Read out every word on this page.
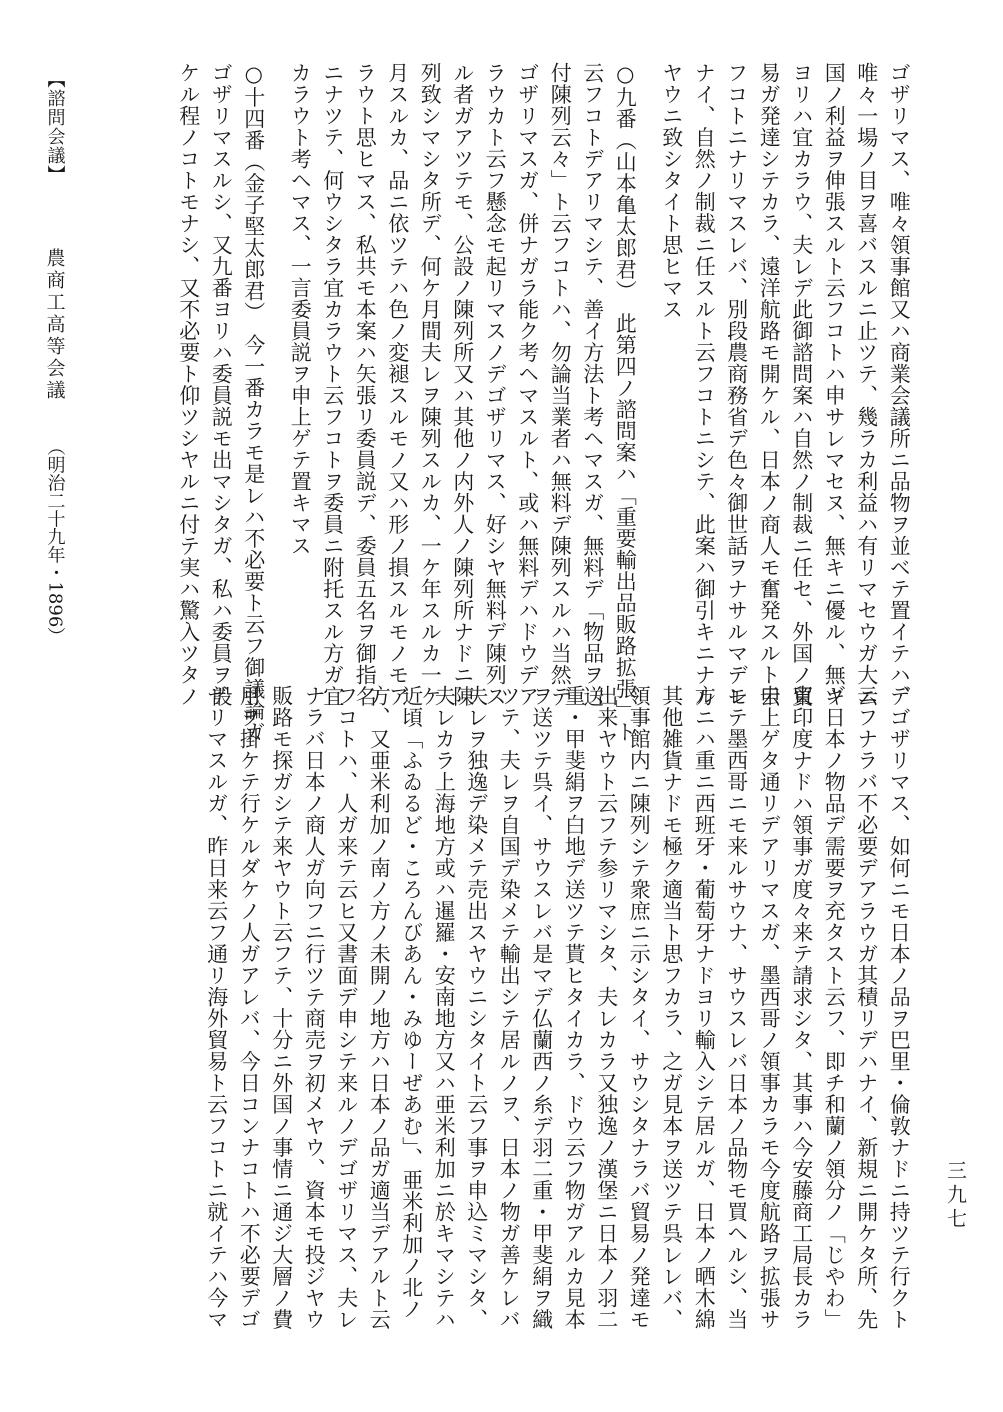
ゴザリマス、唯々領事館又ハ商業会議所ニ品物ヲ並ベテ置イテハ、
唯々一場ノ目ヲ喜バスルニ止ツテ、幾ラカ利益ハ有リマセウガ大ニ
国ノ利益ヲ伸張スルト云フコトハ申サレマセヌ、無キニ優ル、無キ
ヨリハ宜カラウ、夫レデ此御諮問案ハ自然ノ制裁ニ任セ、外国ノ貿
易ガ発達シテカラ、遠洋航路モ開ケル、日本ノ商人モ奮発スルト云
フコトニナリマスレバ、別段農商務省デ色々御世話ヲナサルマデモ
ナイ、自然ノ制裁ニ任スルト云フコトニシテ、此案ハ御引キニナル
ヤウニ致シタイト思ヒマス
○九番（山本亀太郎君）　此第四ノ諮問案ハ「重要輸出品販路拡張」ト
云フコトデアリマシテ、善イ方法ト考ヘマスガ、無料デ「物品ヲ送
付陳列云々」ト云フコトハ、勿論当業者ハ無料デ陳列スルハ当然デ
ゴザリマスガ、併ナガラ能ク考ヘマスルト、或ハ無料デハドウデア
ラウカト云フ懸念モ起リマスノデゴザリマス、好シヤ無料デ陳列ス
ル者ガアツテモ、公設ノ陳列所又ハ其他ノ内外人ノ陳列所ナドニ陳
列致シマシタ所デ、何ケ月間夫レヲ陳列スルカ、一ケ年スルカ一ケ
月スルカ、品ニ依ツテハ色ノ変褪スルモノ又ハ形ノ損スルモノモア
ラウト思ヒマス、私共モ本案ハ矢張リ委員説デ、委員五名ヲ御指名
ニナツテ、何ウシタラ宜カラウト云フコトヲ委員ニ附托スル方ガ宜
カラウト考ヘマス、一言委員説ヲ申上ゲテ置キマス
○十四番（金子堅太郎君）　今一番カラモ是レハ不必要ト云フ御議論ガ
ゴザリマスルシ、又九番ヨリハ委員説モ出マシタガ、私ハ委員ヲ設
ケル程ノコトモナシ、又不必要ト仰ツシヤルニ付テ実ハ驚入ツタノ
デゴザリマス、如何ニモ日本ノ品ヲ巴里・倫敦ナドニ持ツテ行クト
云フナラバ不必要デアラウガ其積リデハナイ、新規ニ開ケタ所、先
ヅ日本ノ物品デ需要ヲ充タスト云フ、即チ和蘭ノ領分ノ「じやわ」
東印度ナドハ領事ガ度々来テ請求シタ、其事ハ今安藤商工局長カラ
申上ゲタ通リデアリマスガ、墨西哥ノ領事カラモ今度航路ヲ拡張サ
レテ墨西哥ニモ来ルサウナ、サウスレバ日本ノ品物モ買ヘルシ、当
方ニハ重ニ西班牙・葡萄牙ナドヨリ輸入シテ居ルガ、日本ノ晒木綿
其他雑貨ナドモ極ク適当ト思フカラ、之ガ見本ヲ送ツテ呉レレバ、
領事館内ニ陳列シテ衆庶ニ示シタイ、サウシタナラバ貿易ノ発達モ
出来ヤウト云フテ参リマシタ、夫レカラ又独逸ノ漢堡ニ日本ノ羽二
重・甲斐絹ヲ白地デ送ツテ貰ヒタイカラ、ドウ云フ物ガアルカ見本
ヲ送ツテ呉イ、サウスレバ是マデ仏蘭西ノ糸デ羽二重・甲斐絹ヲ織
ツテ、夫レヲ自国デ染メテ輸出シテ居ルノヲ、日本ノ物ガ善ケレバ
夫レヲ独逸デ染メテ売出スヤウニシタイト云フ事ヲ申込ミマシタ、
夫レカラ上海地方或ハ暹羅・安南地方又ハ亜米利加ニ於キマシテハ
近頃「ふゐるど・ころんびあん・みゆーぜあむ」、亜米利加ノ北ノ
方、又亜米利加ノ南ノ方ノ未開ノ地方ハ日本ノ品ガ適当デアルト云
フコトハ、人ガ来テ云ヒ又書面デ申シテ来ルノデゴザリマス、夫レ
ナラバ日本ノ商人ガ向フニ行ツテ商売ヲ初メヤウ、資本モ投ジヤウ
販路モ探ガシテ来ヤウト云フテ、十分ニ外国ノ事情ニ通ジ大層ノ費
用ヲ掛ケテ行ケルダケノ人ガアレバ、今日コンナコトハ不必要デゴ
ザリマスルガ、昨日来云フ通リ海外貿易ト云フコトニ就イテハ今マ
【諮問会議】 農商工高等会議 （明治二十九年・1896）
三九七
